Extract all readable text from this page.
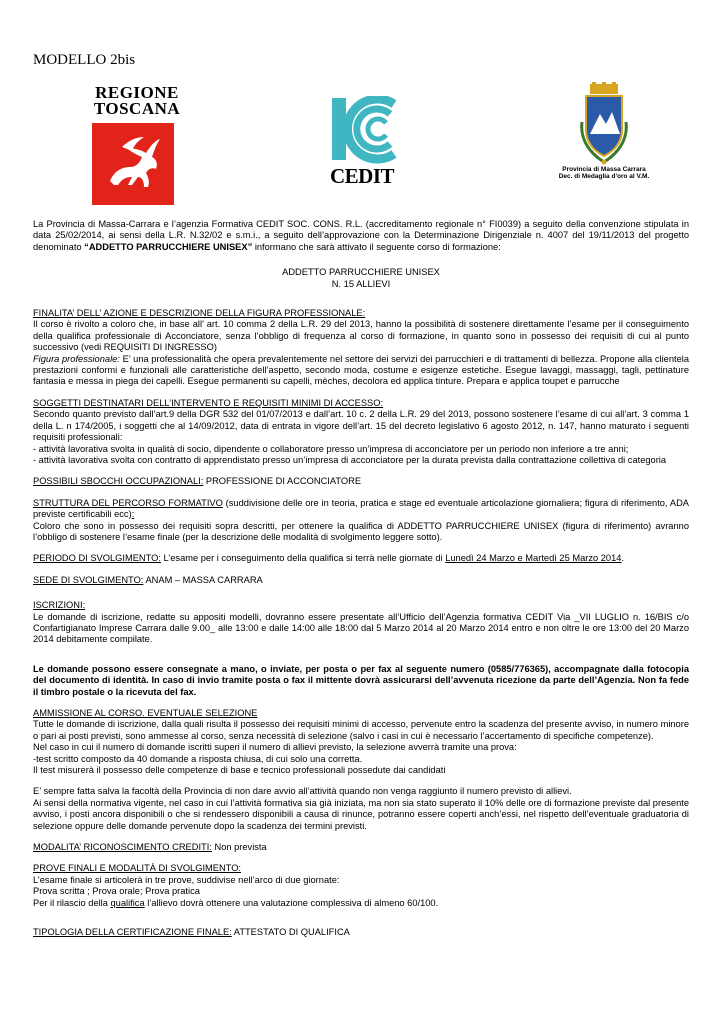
MODELLO 2bis
REGIONE
TOSCANA
CEDIT	Provincia di Massa Carrara
Dec. di Medaglia d'oro al V.M.

La Provincia di Massa-Carrara e l’agenzia Formativa CEDIT SOC. CONS. R.L. (accreditamento regionale n° FI0039) a seguito della convenzione stipulata in data 25/02/2014, ai sensi della L.R. N.32/02 e s.m.i., a seguito dell’approvazione con la Determinazione Dirigenziale n. 4007 del 19/11/2013 del progetto denominato “ADDETTO PARRUCCHIERE UNISEX” informano che sarà attivato il seguente corso di formazione:

ADDETTO PARRUCCHIERE UNISEX

N. 15 ALLIEVI

FINALITA’ DELL’ AZIONE E DESCRIZIONE DELLA FIGURA PROFESSIONALE:

Il corso è rivolto a coloro che, in base all’ art. 10 comma 2 della L.R. 29 del 2013, hanno la possibilità di sostenere direttamente l’esame per il conseguimento della qualifica professionale di Acconciatore, senza l’obbligo di frequenza al corso di formazione, in quanto sono in possesso dei requisiti di cui al punto successivo (vedi REQUISITI DI INGRESSO)

Figura professionale: E’ una professionalità che opera prevalentemente nel settore dei servizi dei parrucchieri e di trattamenti di bellezza. Propone alla clientela prestazioni conformi e funzionali alle caratteristiche dell’aspetto, secondo moda, costume e esigenze estetiche. Esegue lavaggi, massaggi, tagli, pettinature fantasia e messa in piega dei capelli. Esegue permanenti su capelli, mèches, decolora ed applica tinture. Prepara e applica toupet e parrucche

SOGGETTI DESTINATARI DELL’INTERVENTO E REQUISITI MINIMI DI ACCESSO:

Secondo quanto previsto dall’art.9 della DGR 532 del 01/07/2013 e dall’art. 10 c. 2 della L.R. 29 del 2013, possono sostenere l’esame di cui all’art. 3 comma 1 della L. n 174/2005, i soggetti che al 14/09/2012, data di entrata in vigore dell’art. 15 del decreto legislativo 6 agosto 2012, n. 147, hanno maturato i seguenti requisiti professionali:

- attività lavorativa svolta in qualità di socio, dipendente o collaboratore presso un’impresa di acconciatore per un periodo non inferiore a tre anni;

- attività lavorativa svolta con contratto di apprendistato presso un’impresa di acconciatore per la durata prevista dalla contrattazione collettiva di categoria

POSSIBILI SBOCCHI OCCUPAZIONALI: PROFESSIONE DI ACCONCIATORE

STRUTTURA DEL PERCORSO FORMATIVO (suddivisione delle ore in teoria, pratica e stage ed eventuale articolazione giornaliera; figura di riferimento, ADA previste certificabili ecc):

Coloro che sono in possesso dei requisiti sopra descritti, per ottenere la qualifica di ADDETTO PARRUCCHIERE UNISEX (figura di riferimento) avranno l’obbligo di sostenere l’esame finale (per la descrizione delle modalità di svolgimento leggere sotto).

PERIODO DI SVOLGIMENTO: L’esame per i conseguimento della qualifica si terrà nelle giornate di Lunedì 24 Marzo e Martedì 25 Marzo 2014.

SEDE DI SVOLGIMENTO: ANAM – MASSA CARRARA

ISCRIZIONI:

Le domande di iscrizione, redatte su appositi modelli, dovranno essere presentate all’Ufficio dell’Agenzia formativa CEDIT Via _VII LUGLIO n. 16/BIS c/o Confartigianato Imprese Carrara dalle 9.00_ alle 13:00 e dalle 14:00 alle 18:00 dal 5 Marzo 2014 al 20 Marzo 2014 entro e non oltre le ore 13:00 del 20 Marzo 2014 debitamente compilate.

Le domande possono essere consegnate a mano, o inviate, per posta o per fax al seguente numero (0585/776365), accompagnate dalla fotocopia del documento di identità. In caso di invio tramite posta o fax il mittente dovrà assicurarsi dell’avvenuta ricezione da parte dell’Agenzia. Non fa fede il timbro postale o la ricevuta del fax.

AMMISSIONE AL CORSO. EVENTUALE SELEZIONE

Tutte le domande di iscrizione, dalla quali risulta il possesso dei requisiti minimi di accesso, pervenute entro la scadenza del presente avviso, in numero minore o pari ai posti previsti, sono ammesse al corso, senza necessità di selezione (salvo i casi in cui è necessario l’accertamento di specifiche competenze).

Nel caso in cui il numero di domande iscritti superi il numero di allievi previsto, la selezione avverrà tramite una prova:

-test scritto composto da 40 domande a risposta chiusa, di cui solo una corretta.

Il test misurerà il possesso delle competenze di base e tecnico professionali possedute dai candidati

E’ sempre fatta salva la facoltà della Provincia di non dare avvio all’attività quando non venga raggiunto il numero previsto di allievi.

Ai sensi della normativa vigente, nel caso in cui l’attività formativa sia già iniziata, ma non sia stato superato il 10% delle ore di formazione previste dal presente avviso, i posti ancora disponibili o che si rendessero disponibili a causa di rinunce, potranno essere coperti anch’essi, nel rispetto dell’eventuale graduatoria di selezione oppure delle domande pervenute dopo la scadenza dei termini previsti.

MODALITA’ RICONOSCIMENTO CREDITI: Non prevista

PROVE FINALI E MODALITÀ DI SVOLGIMENTO:

L’esame finale si articolerà in tre prove, suddivise nell’arco di due giornate:

Prova scritta ; Prova orale; Prova pratica

Per il rilascio della qualifica l’allievo dovrà ottenere una valutazione complessiva di almeno 60/100.

TIPOLOGIA DELLA CERTIFICAZIONE FINALE: ATTESTATO DI QUALIFICA
